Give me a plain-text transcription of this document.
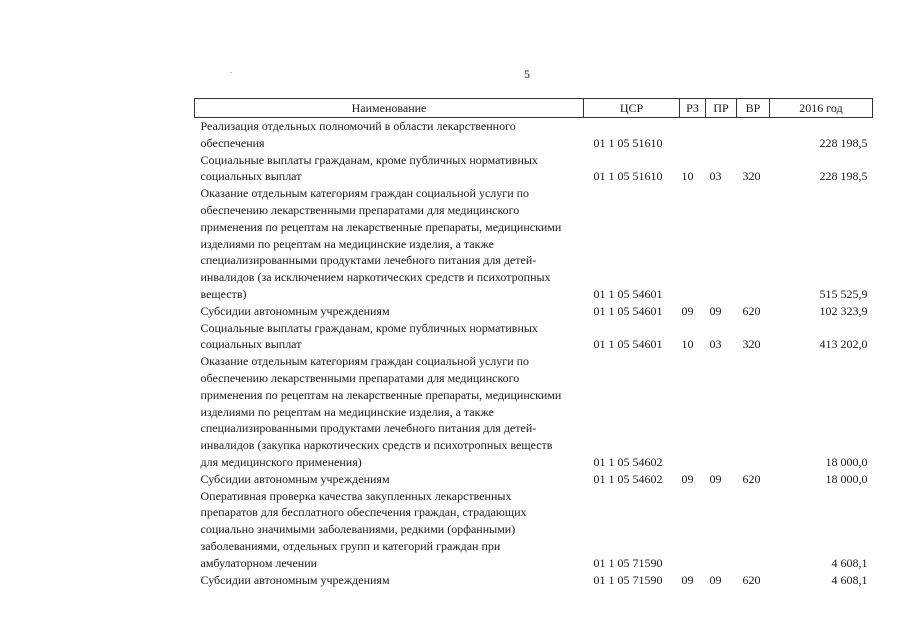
5
Наименование	ЦСР	РЗ	ПР	ВР	2016 год
Реализация отдельных полномочий в области лекарственного обеспечения	01 1 05 51610				228 198,5
Социальные выплаты гражданам, кроме публичных нормативных социальных выплат	01 1 05 51610	10	03	320	228 198,5
Оказание отдельным категориям граждан социальной услуги по обеспечению лекарственными препаратами для медицинского применения по рецептам на лекарственные препараты, медицинскими изделиями по рецептам на медицинские изделия, а также специализированными продуктами лечебного питания для детей-инвалидов (за исключением наркотических средств и психотропных веществ)	01 1 05 54601				515 525,9
Субсидии автономным учреждениям	01 1 05 54601	09	09	620	102 323,9
Социальные выплаты гражданам, кроме публичных нормативных социальных выплат	01 1 05 54601	10	03	320	413 202,0
Оказание отдельным категориям граждан социальной услуги по обеспечению лекарственными препаратами для медицинского применения по рецептам на лекарственные препараты, медицинскими изделиями по рецептам на медицинские изделия, а также специализированными продуктами лечебного питания для детей-инвалидов (закупка наркотических средств и психотропных веществ для медицинского применения)	01 1 05 54602				18 000,0
Субсидии автономным учреждениям	01 1 05 54602	09	09	620	18 000,0
Оперативная проверка качества закупленных лекарственных препаратов для бесплатного обеспечения граждан, страдающих социально значимыми заболеваниями, редкими (орфанными) заболеваниями, отдельных групп и категорий граждан при амбулаторном лечении	01 1 05 71590				4 608,1
Субсидии автономным учреждениям	01 1 05 71590	09	09	620	4 608,1
